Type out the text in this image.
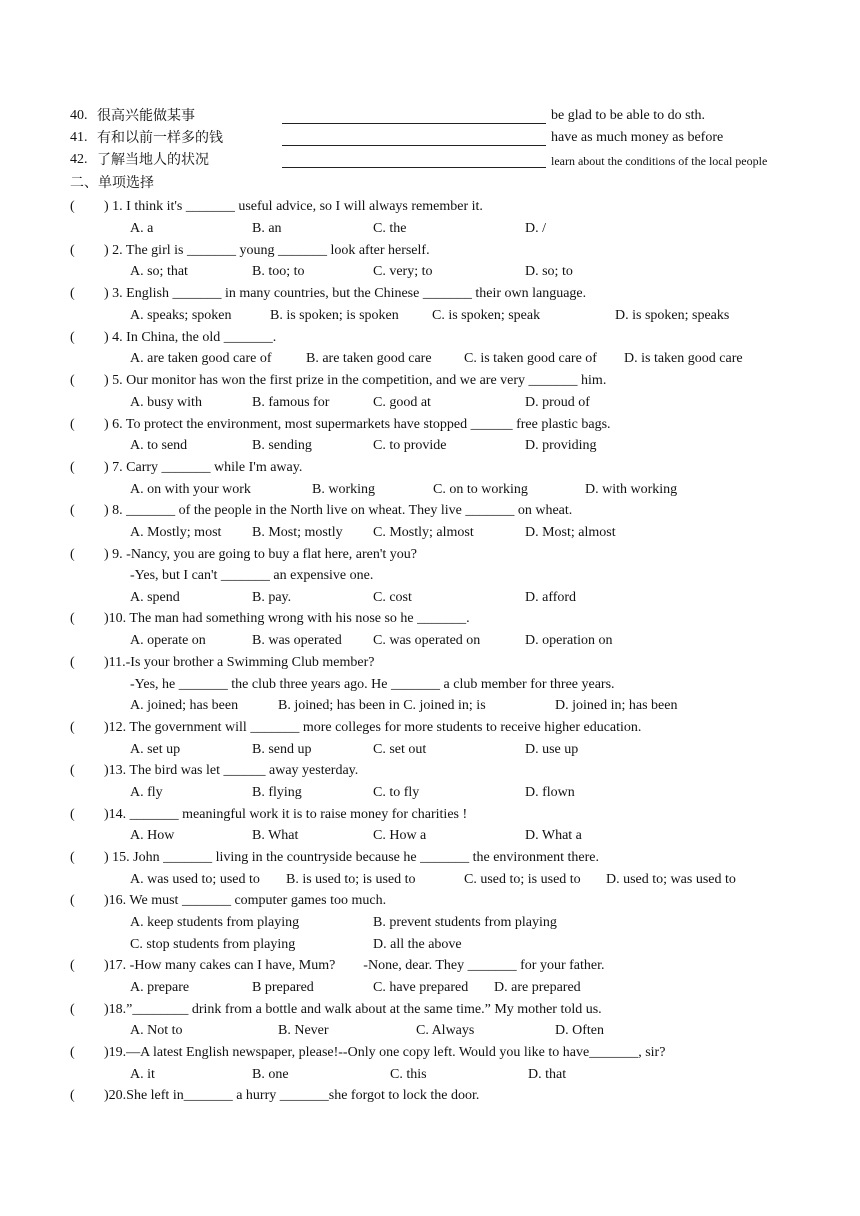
40. 很高兴能做某事	be glad to be able to do sth.
41. 有和以前一样多的钱	have as much money as before
42. 了解当地人的状况	learn about the conditions of the local people
二、单项选择
( ) 1. I think it's _______ useful advice, so I will always remember it.
A. a	B. an	C. the	D. /
( ) 2. The girl is _______ young _______ look after herself.
A. so; that	B. too; to	C. very; to	D. so; to
( ) 3. English _______ in many countries, but the Chinese _______ their own language.
A. speaks; spoken	B. is spoken; is spoken C. is spoken; speak	D. is spoken; speaks
( ) 4. In China, the old _______.
A. are taken good care of B. are taken good care C. is taken good care of D. is taken good care
( ) 5. Our monitor has won the first prize in the competition, and we are very _______ him.
A. busy with	B. famous for	C. good at	D. proud of
( ) 6. To protect the environment, most supermarkets have stopped ______ free plastic bags.
A. to send	B. sending	C. to provide	D. providing
( ) 7. Carry _______ while I'm away.
A. on with your work	B. working	C. on to working	D. with working
( ) 8. _______ of the people in the North live on wheat. They live _______ on wheat.
A. Mostly; most B. Most; mostly C. Mostly; almost	D. Most; almost
( ) 9. -Nancy, you are going to buy a flat here, aren't you?
-Yes, but I can't _______ an expensive one.
A. spend	B. pay.	C. cost	D. afford
( )10. The man had something wrong with his nose so he _______.
A. operate on	B. was operated C. was operated on	D. operation on
( )11.-Is your brother a Swimming Club member?
-Yes, he _______ the club three years ago. He _______ a club member for three years.
A. joined; has been	B. joined; has been in C. joined in; is	D. joined in; has been
( )12. The government will _______ more colleges for more students to receive higher education.
A. set up	B. send up	C. set out	D. use up
( )13. The bird was let ______ away yesterday.
A. fly	B. flying	C. to fly	D. flown
( )14. _______ meaningful work it is to raise money for charities !
A. How	B. What	C. How a	D. What a
( ) 15. John _______ living in the countryside because he _______ the environment there.
A. was used to; used to B. is used to; is used to	C. used to; is used to D. used to; was used to
( )16. We must _______ computer games too much.
A. keep students from playing	B. prevent students from playing
C. stop students from playing	D. all the above
( )17. -How many cakes can I have, Mum?        -None, dear. They _______ for your father.
A. prepare	B prepared	C. have prepared D. are prepared
( )18.”________ drink from a bottle and walk about at the same time.” My mother told us.
A. Not to	B. Never	C. Always	D. Often
( )19.—A latest English newspaper, please!--Only one copy left. Would you like to have_______, sir?
A. it	B. one	C. this	D. that
( )20.She left in_______ a hurry _______she forgot to lock the door.
